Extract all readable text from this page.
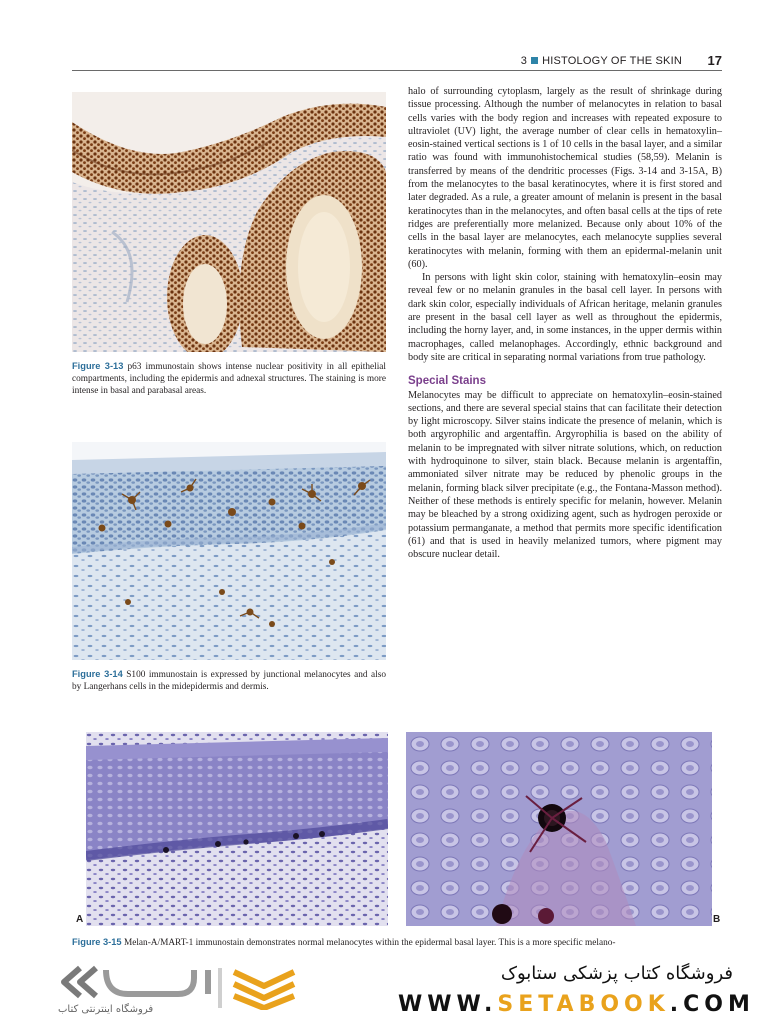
3 HISTOLOGY OF THE SKIN 17
Figure 3-13 p63 immunostain shows intense nuclear positivity in all epithelial compartments, including the epidermis and adnexal structures. The staining is more intense in basal and parabasal areas.
Figure 3-14 S100 immunostain is expressed by junctional melanocytes and also by Langerhans cells in the midepidermis and dermis.

halo of surrounding cytoplasm, largely as the result of shrinkage during tissue processing. Although the number of melanocytes in relation to basal cells varies with the body region and increases with repeated exposure to ultraviolet (UV) light, the average number of clear cells in hematoxylin–eosin-stained vertical sections is 1 of 10 cells in the basal layer, and a similar ratio was found with immunohistochemical studies (58,59). Melanin is transferred by means of the dendritic processes (Figs. 3-14 and 3-15A, B) from the melanocytes to the basal keratinocytes, where it is first stored and later degraded. As a rule, a greater amount of melanin is present in the basal keratinocytes than in the melanocytes, and often basal cells at the tips of rete ridges are preferentially more melanized. Because only about 10% of the cells in the basal layer are melanocytes, each melanocyte supplies several keratinocytes with melanin, forming with them an epidermal-melanin unit (60).

In persons with light skin color, staining with hematoxylin–eosin may reveal few or no melanin granules in the basal cell layer. In persons with dark skin color, especially individuals of African heritage, melanin granules are present in the basal cell layer as well as throughout the epidermis, including the horny layer, and, in some instances, in the upper dermis within macrophages, called melanophages. Accordingly, ethnic background and body site are critical in separating normal variations from true pathology.

Special Stains

Melanocytes may be difficult to appreciate on hematoxylin–eosin-stained sections, and there are several special stains that can facilitate their detection by light microscopy. Silver stains indicate the presence of melanin, which is both argyrophilic and argentaffin. Argyrophilia is based on the ability of melanin to be impregnated with silver nitrate solutions, which, on reduction with hydroquinone to silver, stain black. Because melanin is argentaffin, ammoniated silver nitrate may be reduced by phenolic groups in the melanin, forming black silver precipitate (e.g., the Fontana-Masson method). Neither of these methods is entirely specific for melanin, however. Melanin may be bleached by a strong oxidizing agent, such as hydrogen peroxide or potassium permanganate, a method that permits more specific identification (61) and that is used in heavily melanized tumors, where pigment may obscure nuclear detail.

A	B
Figure 3-15 Melan-A/MART-1 immunostain demonstrates normal melanocytes within the epidermal basal layer. This is a more specific melano-
فروشگاه اینترنتی کتاب
فروشگاه کتاب پزشکی ستابوک
WWW.SETABOOK.COM
